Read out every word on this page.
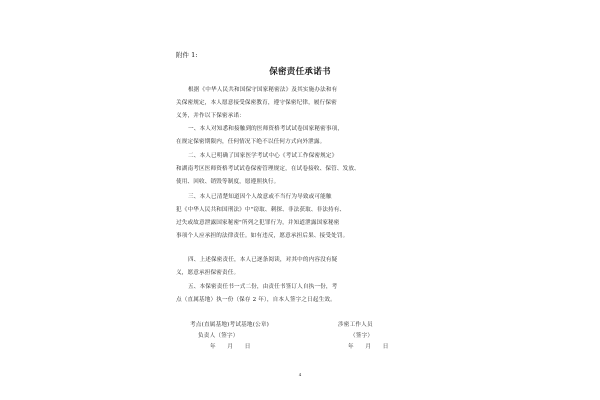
附件 1:
保密责任承诺书
根据《中华人民共和国保守国家秘密法》及其实施办法和有
关保密规定，本人愿意接受保密教育，遵守保密纪律，履行保密
义务，并作以下保密承诺：
一、本人对知悉和接触到的医师资格考试试卷国家秘密事项，
在规定保密期限内，任何情况下绝不以任何方式向外泄露。
二、本人已明确了国家医学考试中心《考试工作保密规定》
和湖南考区医师资格考试试卷保密管理规定，在试卷接收、保管、发放、
使用、回收、销毁等制度，愿遵照执行。
三、本人已清楚知道因个人故意或不当行为导致或可能触
犯《中华人民共和国刑法》中"窃取、刺探、非法获取、非法持有、
过失或故意泄露国家秘密"所列之犯罪行为，并知道泄露国家秘密
事项个人应承担的法律责任。如有违反，愿意承担后果、接受处罚。
四、上述保密责任，本人已逐条阅读，对其中的内容没有疑
义，愿意承担保密责任。
五、本保密责任书一式二份，由责任书签订人自执一份，考
点（直属基地）执一份（保存 2 年），自本人签字之日起生效。
考点(直属基地)考试基地(公章)
负责人（签字）
年　　月　　日
涉密工作人员
（签字）
年　　月　　日
4
